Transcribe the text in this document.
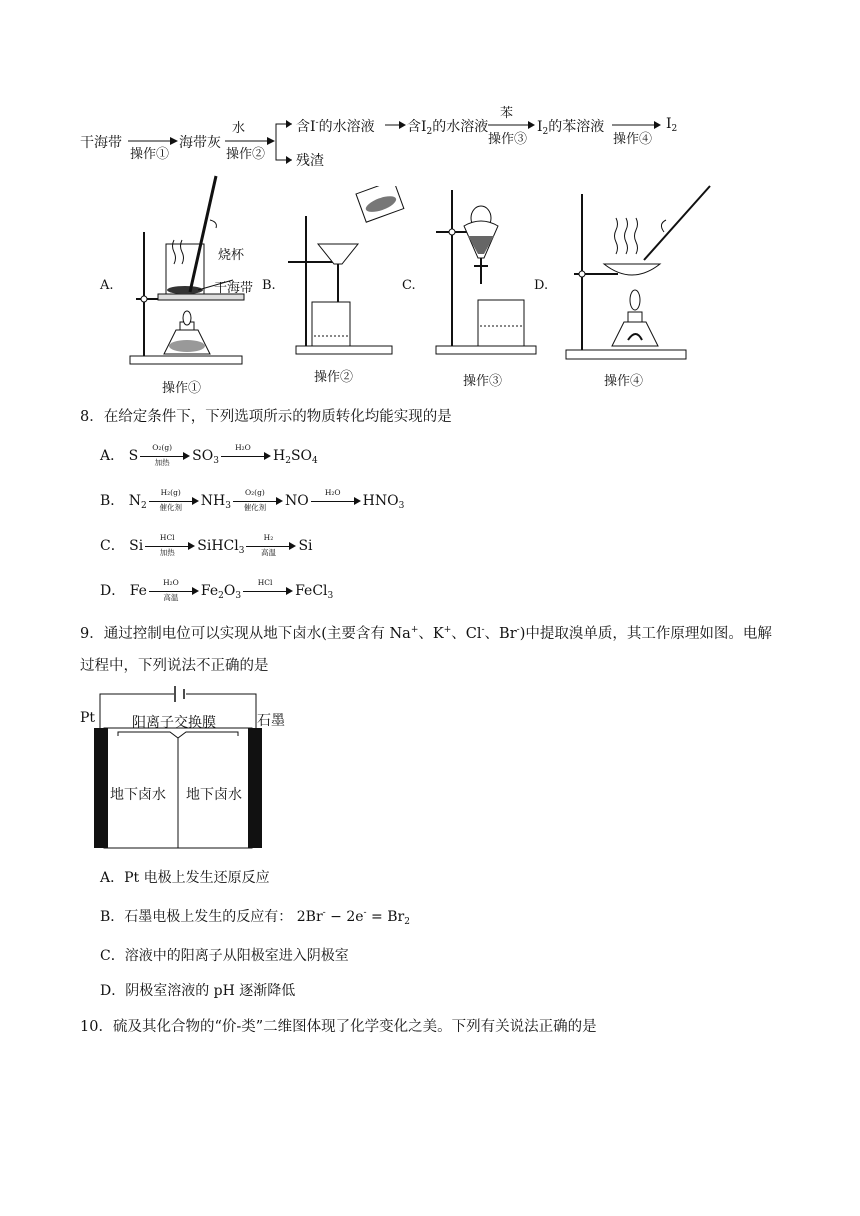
干海带
操作①
海带灰
水
操作②
含I-的水溶液
残渣
含$I_2$的水溶液
苯
操作③
$I_2$的苯溶液
操作④
$I_2$
A.
烧杯
干海带
操作①
B.
操作②
C.
操作③
D.
操作④
8．在给定条件下，下列选项所示的物质转化均能实现的是
A． S
O₂(g)
加热	$SO_3$
H₂O
$H_2SO_4$
B． $N_2$
H₂(g)
催化剂	$NH_3$
O₂(g)
催化剂	NO
H₂O
$HNO_3$
C． Si
HCl
加热	SiHCl$_3$
H₂
高温	Si
D． Fe
H₂O
高温	$Fe_2O_3$
HCl
FeCl$_3$
9．通过控制电位可以实现从地下卤水(主要含有 Na+、K+、Cl-、Br-)中提取溴单质，其工作原理如图。电解
过程中，下列说法不正确的是
Pt	石墨
阳离子交换膜
地下卤水 地下卤水
A．Pt 电极上发生还原反应
B．石墨电极上发生的反应有： $2Br^- - 2e^- = Br_2$
C．溶液中的阳离子从阳极室进入阴极室
D．阴极室溶液的 pH 逐渐降低
10．硫及其化合物的“价-类”二维图体现了化学变化之美。下列有关说法正确的是
